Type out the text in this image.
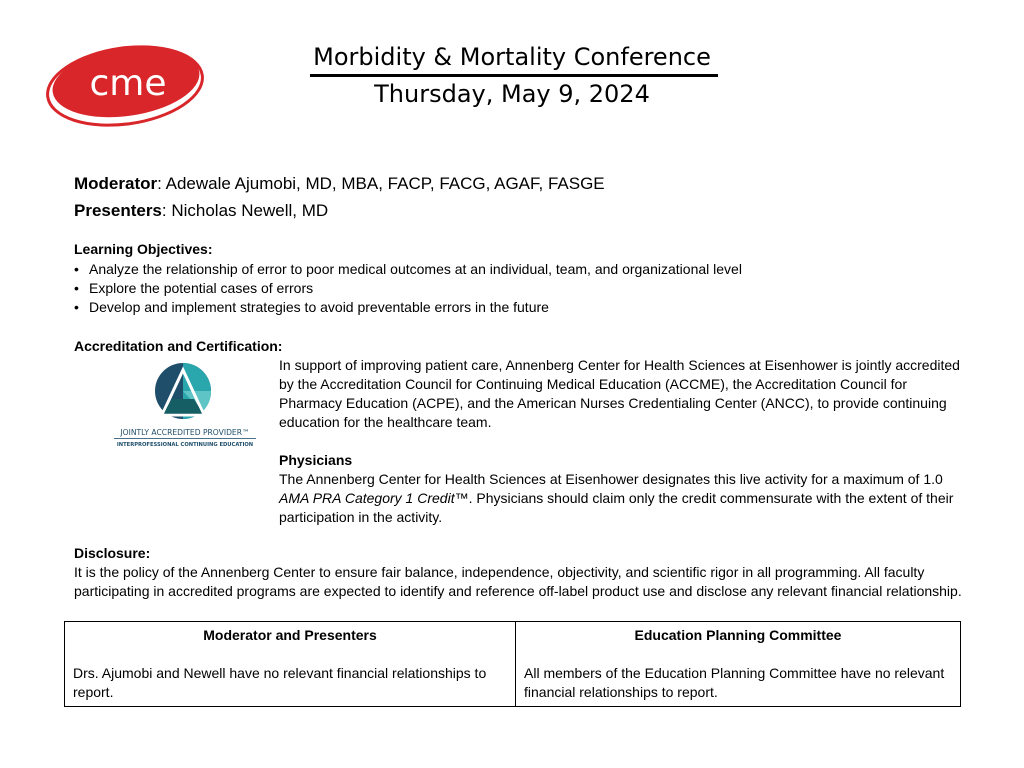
cme
Morbidity & Mortality Conference
Thursday, May 9, 2024
Moderator: Adewale Ajumobi, MD, MBA, FACP, FACG, AGAF, FASGE
Presenters: Nicholas Newell, MD
Learning Objectives:
• Analyze the relationship of error to poor medical outcomes at an individual, team, and organizational level
• Explore the potential cases of errors
• Develop and implement strategies to avoid preventable errors in the future
Accreditation and Certification:
JOINTLY ACCREDITED PROVIDER™
INTERPROFESSIONAL CONTINUING EDUCATION

In support of improving patient care, Annenberg Center for Health Sciences at Eisenhower is jointly accredited by the Accreditation Council for Continuing Medical Education (ACCME), the Accreditation Council for Pharmacy Education (ACPE), and the American Nurses Credentialing Center (ANCC), to provide continuing education for the healthcare team.

Physicians

The Annenberg Center for Health Sciences at Eisenhower designates this live activity for a maximum of 1.0 AMA PRA Category 1 Credit™. Physicians should claim only the credit commensurate with the extent of their participation in the activity.

Disclosure:

It is the policy of the Annenberg Center to ensure fair balance, independence, objectivity, and scientific rigor in all programming. All faculty participating in accredited programs are expected to identify and reference off-label product use and disclose any relevant financial relationship.

Moderator and Presenters
Drs. Ajumobi and Newell have no relevant financial relationships to report.
Education Planning Committee
All members of the Education Planning Committee have no relevant financial relationships to report.
